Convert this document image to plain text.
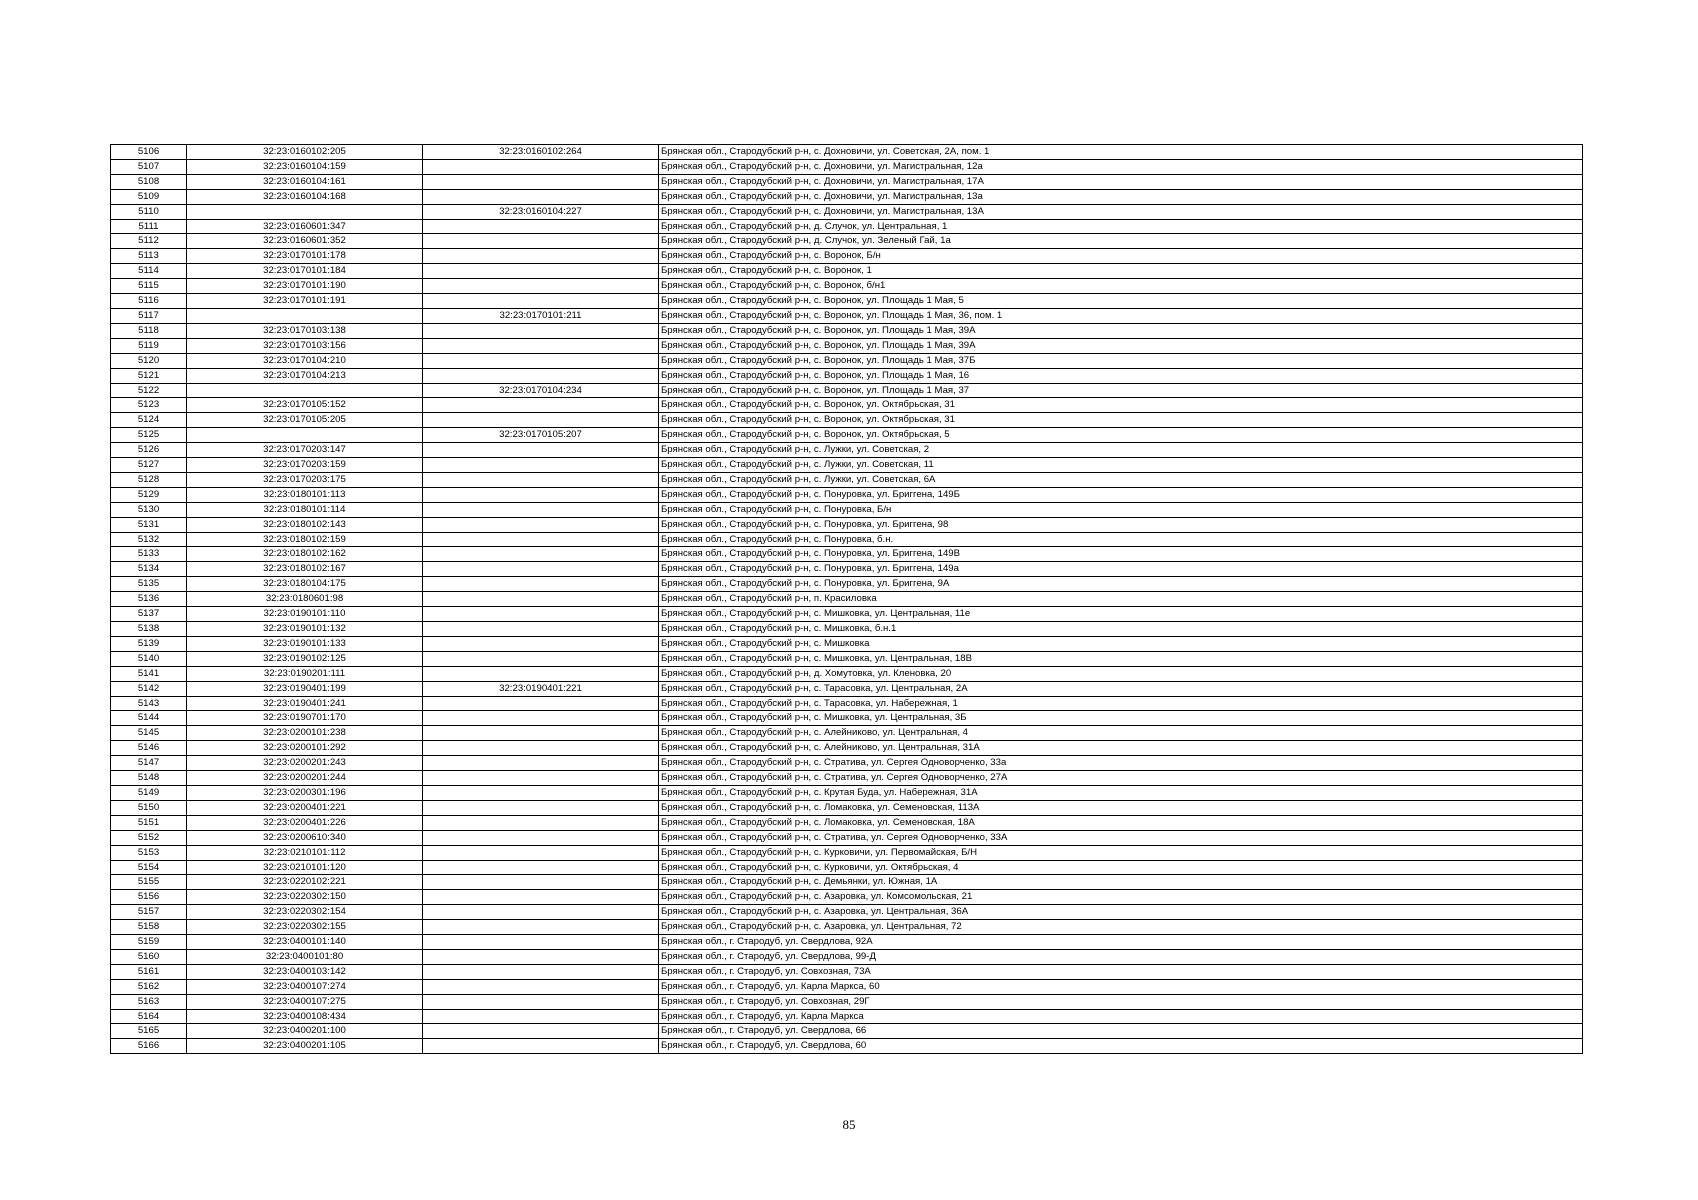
5106	32:23:0160102:205	32:23:0160102:264	Брянская обл., Стародубский р-н, с. Дохновичи, ул. Советская, 2А, пом. 1
5107	32:23:0160104:159		Брянская обл., Стародубский р-н, с. Дохновичи, ул. Магистральная, 12а
5108	32:23:0160104:161		Брянская обл., Стародубский р-н, с. Дохновичи, ул. Магистральная, 17А
5109	32:23:0160104:168		Брянская обл., Стародубский р-н, с. Дохновичи, ул. Магистральная, 13а
5110		32:23:0160104:227	Брянская обл., Стародубский р-н, с. Дохновичи, ул. Магистральная, 13А
5111	32:23:0160601:347		Брянская обл., Стародубский р-н, д. Случок, ул. Центральная, 1
5112	32:23:0160601:352		Брянская обл., Стародубский р-н, д. Случок, ул. Зеленый Гай, 1а
5113	32:23:0170101:178		Брянская обл., Стародубский р-н, с. Воронок, Б/н
5114	32:23:0170101:184		Брянская обл., Стародубский р-н, с. Воронок, 1
5115	32:23:0170101:190		Брянская обл., Стародубский р-н, с. Воронок, б/н1
5116	32:23:0170101:191		Брянская обл., Стародубский р-н, с. Воронок, ул. Площадь 1 Мая, 5
5117		32:23:0170101:211	Брянская обл., Стародубский р-н, с. Воронок, ул. Площадь 1 Мая, 36, пом. 1
5118	32:23:0170103:138		Брянская обл., Стародубский р-н, с. Воронок, ул. Площадь 1 Мая, 39А
5119	32:23:0170103:156		Брянская обл., Стародубский р-н, с. Воронок, ул. Площадь 1 Мая, 39А
5120	32:23:0170104:210		Брянская обл., Стародубский р-н, с. Воронок, ул. Площадь 1 Мая, 37Б
5121	32:23:0170104:213		Брянская обл., Стародубский р-н, с. Воронок, ул. Площадь 1 Мая, 16
5122		32:23:0170104:234	Брянская обл., Стародубский р-н, с. Воронок, ул. Площадь 1 Мая, 37
5123	32:23:0170105:152		Брянская обл., Стародубский р-н, с. Воронок, ул. Октябрьская, 31
5124	32:23:0170105:205		Брянская обл., Стародубский р-н, с. Воронок, ул. Октябрьская, 31
5125		32:23:0170105:207	Брянская обл., Стародубский р-н, с. Воронок, ул. Октябрьская, 5
5126	32:23:0170203:147		Брянская обл., Стародубский р-н, с. Лужки, ул. Советская, 2
5127	32:23:0170203:159		Брянская обл., Стародубский р-н, с. Лужки, ул. Советская, 11
5128	32:23:0170203:175		Брянская обл., Стародубский р-н, с. Лужки, ул. Советская, 6А
5129	32:23:0180101:113		Брянская обл., Стародубский р-н, с. Понуровка, ул. Бриггена, 149Б
5130	32:23:0180101:114		Брянская обл., Стародубский р-н, с. Понуровка, Б/н
5131	32:23:0180102:143		Брянская обл., Стародубский р-н, с. Понуровка, ул. Бриггена, 98
5132	32:23:0180102:159		Брянская обл., Стародубский р-н, с. Понуровка, б.н.
5133	32:23:0180102:162		Брянская обл., Стародубский р-н, с. Понуровка, ул. Бриггена, 149В
5134	32:23:0180102:167		Брянская обл., Стародубский р-н, с. Понуровка, ул. Бриггена, 149а
5135	32:23:0180104:175		Брянская обл., Стародубский р-н, с. Понуровка, ул. Бриггена, 9А
5136	32:23:0180601:98		Брянская обл., Стародубский р-н, п. Красиловка
5137	32:23:0190101:110		Брянская обл., Стародубский р-н, с. Мишковка, ул. Центральная, 11е
5138	32:23:0190101:132		Брянская обл., Стародубский р-н, с. Мишковка, б.н.1
5139	32:23:0190101:133		Брянская обл., Стародубский р-н, с. Мишковка
5140	32:23:0190102:125		Брянская обл., Стародубский р-н, с. Мишковка, ул. Центральная, 18В
5141	32:23:0190201:111		Брянская обл., Стародубский р-н, д. Хомутовка, ул. Кленовка, 20
5142	32:23:0190401:199	32:23:0190401:221	Брянская обл., Стародубский р-н, с. Тарасовка, ул. Центральная, 2А
5143	32:23:0190401:241		Брянская обл., Стародубский р-н, с. Тарасовка, ул. Набережная, 1
5144	32:23:0190701:170		Брянская обл., Стародубский р-н, с. Мишковка, ул. Центральная, 3Б
5145	32:23:0200101:238		Брянская обл., Стародубский р-н, с. Алейниково, ул. Центральная, 4
5146	32:23:0200101:292		Брянская обл., Стародубский р-н, с. Алейниково, ул. Центральная, 31А
5147	32:23:0200201:243		Брянская обл., Стародубский р-н, с. Стратива, ул. Сергея Одноворченко, 33а
5148	32:23:0200201:244		Брянская обл., Стародубский р-н, с. Стратива, ул. Сергея Одноворченко, 27А
5149	32:23:0200301:196		Брянская обл., Стародубский р-н, с. Крутая Буда, ул. Набережная, 31А
5150	32:23:0200401:221		Брянская обл., Стародубский р-н, с. Ломаковка, ул. Семеновская, 113А
5151	32:23:0200401:226		Брянская обл., Стародубский р-н, с. Ломаковка, ул. Семеновская, 18А
5152	32:23:0200610:340		Брянская обл., Стародубский р-н, с. Стратива, ул. Сергея Одноворченко, 33А
5153	32:23:0210101:112		Брянская обл., Стародубский р-н, с. Курковичи, ул. Первомайская, Б/Н
5154	32:23:0210101:120		Брянская обл., Стародубский р-н, с. Курковичи, ул. Октябрьская, 4
5155	32:23:0220102:221		Брянская обл., Стародубский р-н, с. Демьянки, ул. Южная, 1А
5156	32:23:0220302:150		Брянская обл., Стародубский р-н, с. Азаровка, ул. Комсомольская, 21
5157	32:23:0220302:154		Брянская обл., Стародубский р-н, с. Азаровка, ул. Центральная, 36А
5158	32:23:0220302:155		Брянская обл., Стародубский р-н, с. Азаровка, ул. Центральная, 72
5159	32:23:0400101:140		Брянская обл., г. Стародуб, ул. Свердлова, 92А
5160	32:23:0400101:80		Брянская обл., г. Стародуб, ул. Свердлова, 99-Д
5161	32:23:0400103:142		Брянская обл., г. Стародуб, ул. Совхозная, 73А
5162	32:23:0400107:274		Брянская обл., г. Стародуб, ул. Карла Маркса, 60
5163	32:23:0400107:275		Брянская обл., г. Стародуб, ул. Совхозная, 29Г
5164	32:23:0400108:434		Брянская обл., г. Стародуб, ул. Карла Маркса
5165	32:23:0400201:100		Брянская обл., г. Стародуб, ул. Свердлова, 66
5166	32:23:0400201:105		Брянская обл., г. Стародуб, ул. Свердлова, 60
85
